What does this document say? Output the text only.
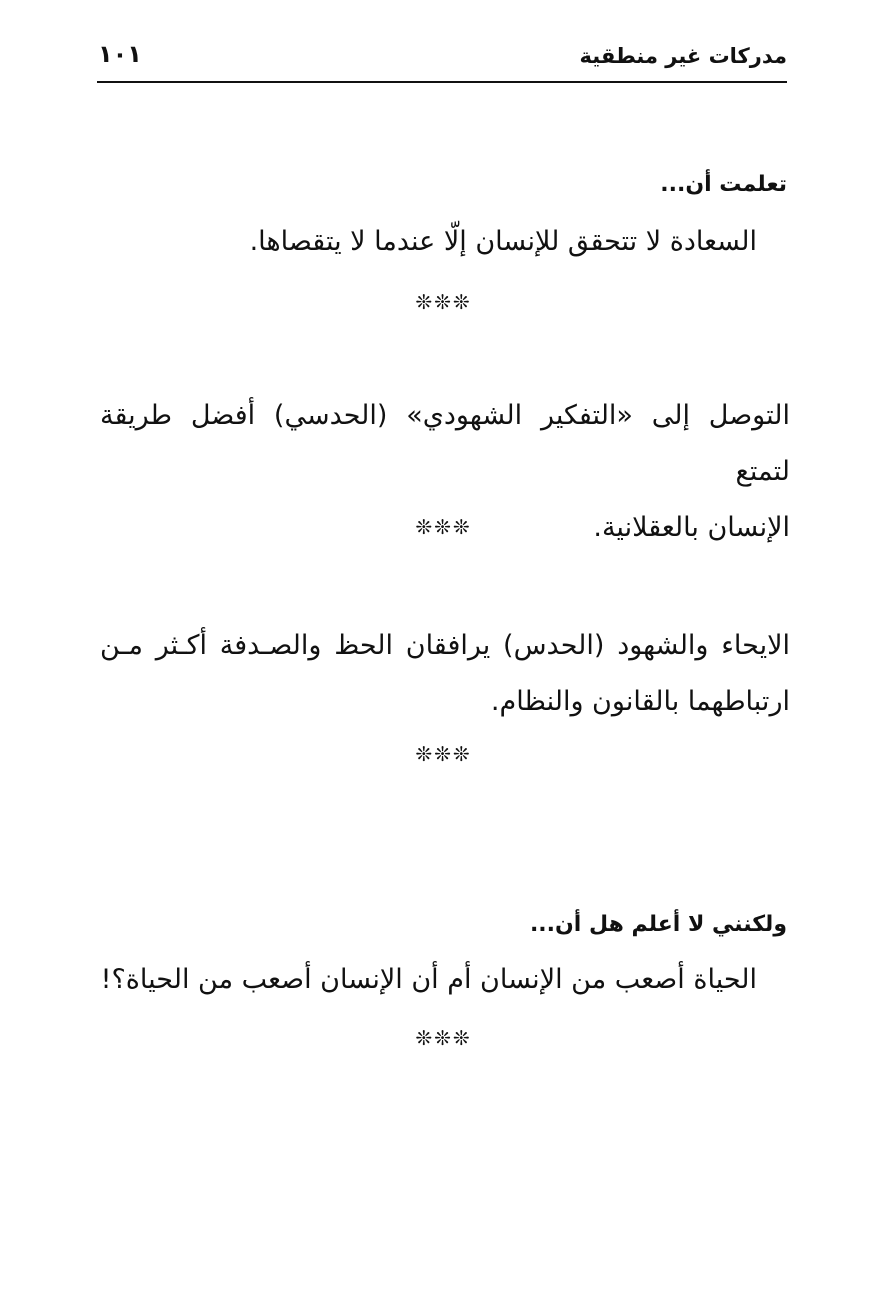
مدركات غير منطقية
١٠١
تعلمت أن...
السعادة لا تتحقق للإنسان إلّا عندما لا يتقصاها.
❊❊❊
التوصل إلى «التفكير الشهودي» (الحدسي) أفضل طريقة لتمتع
الإنسان بالعقلانية.
❊❊❊
الايحاء والشهود (الحدس) يرافقان الحظ والصـدفة أكـثر مـن
ارتباطهما بالقانون والنظام.
❊❊❊
ولكنني لا أعلم هل أن...
الحياة أصعب من الإنسان أم أن الإنسان أصعب من الحياة؟!
❊❊❊
